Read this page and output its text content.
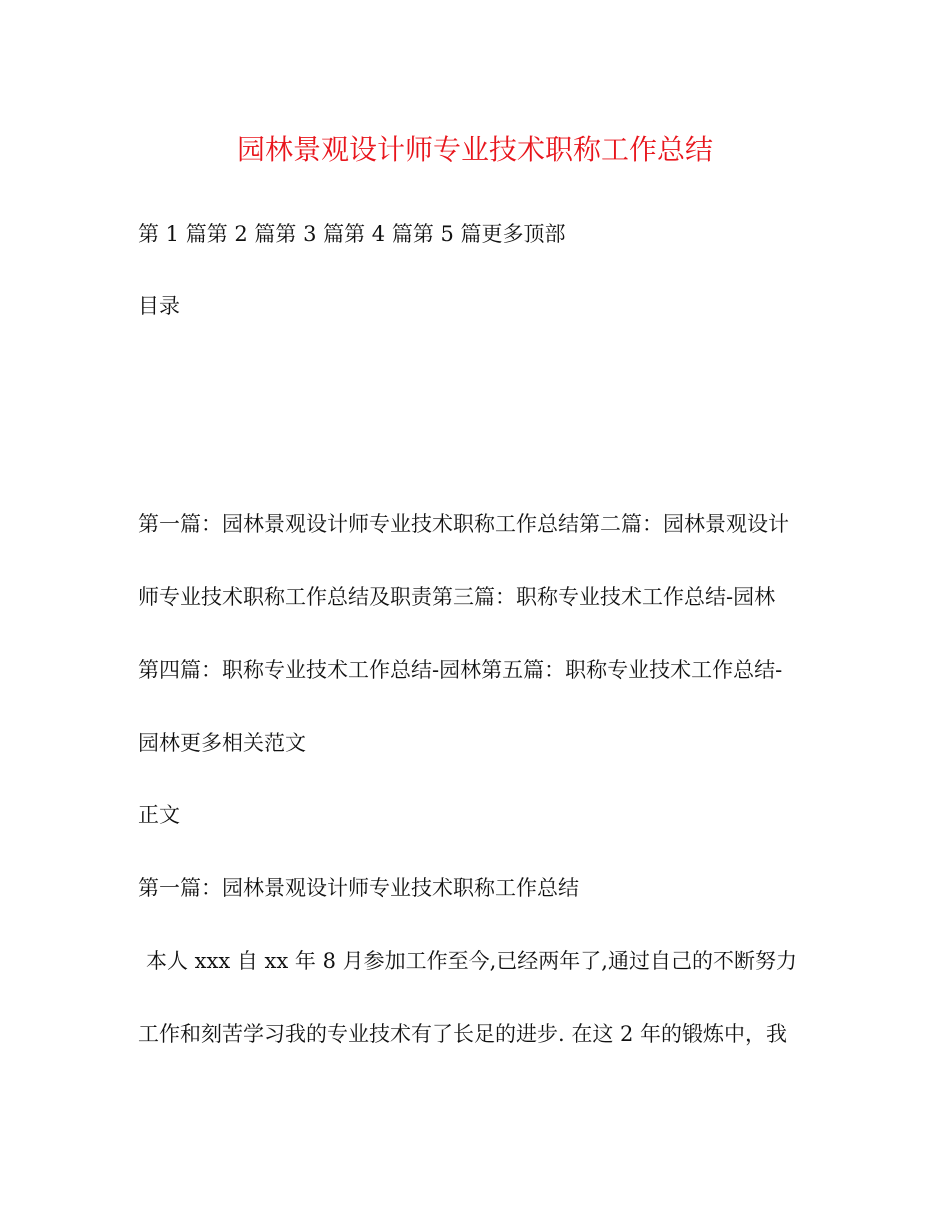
园林景观设计师专业技术职称工作总结
第 1 篇第 2 篇第 3 篇第 4 篇第 5 篇更多顶部
目录
第一篇：园林景观设计师专业技术职称工作总结第二篇：园林景观设计
师专业技术职称工作总结及职责第三篇：职称专业技术工作总结-园林
第四篇：职称专业技术工作总结-园林第五篇：职称专业技术工作总结-
园林更多相关范文
正文
第一篇：园林景观设计师专业技术职称工作总结
本人 xxx 自 xx 年 8 月参加工作至今,已经两年了,通过自己的不断努力
工作和刻苦学习我的专业技术有了长足的进步. 在这 2 年的锻炼中，我
